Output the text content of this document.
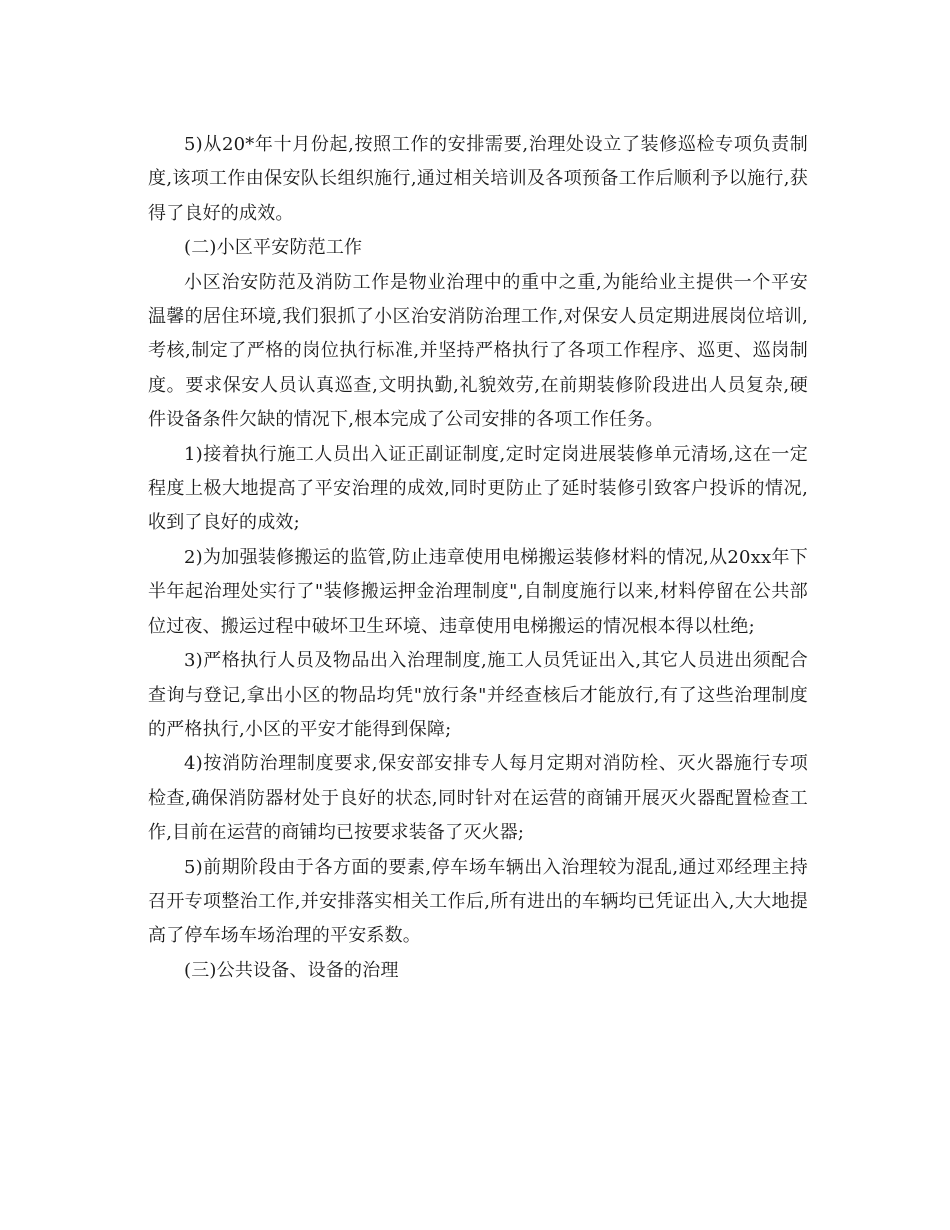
5)从20*年十月份起,按照工作的安排需要,治理处设立了装修巡检专项负责制度,该项工作由保安队长组织施行,通过相关培训及各项预备工作后顺利予以施行,获得了良好的成效。

(二)小区平安防范工作

小区治安防范及消防工作是物业治理中的重中之重,为能给业主提供一个平安温馨的居住环境,我们狠抓了小区治安消防治理工作,对保安人员定期进展岗位培训,考核,制定了严格的岗位执行标准,并坚持严格执行了各项工作程序、巡更、巡岗制度。要求保安人员认真巡查,文明执勤,礼貌效劳,在前期装修阶段进出人员复杂,硬件设备条件欠缺的情况下,根本完成了公司安排的各项工作任务。

1)接着执行施工人员出入证正副证制度,定时定岗进展装修单元清场,这在一定程度上极大地提高了平安治理的成效,同时更防止了延时装修引致客户投诉的情况,收到了良好的成效;

2)为加强装修搬运的监管,防止违章使用电梯搬运装修材料的情况,从20xx年下半年起治理处实行了"装修搬运押金治理制度",自制度施行以来,材料停留在公共部位过夜、搬运过程中破坏卫生环境、违章使用电梯搬运的情况根本得以杜绝;

3)严格执行人员及物品出入治理制度,施工人员凭证出入,其它人员进出须配合查询与登记,拿出小区的物品均凭"放行条"并经查核后才能放行,有了这些治理制度的严格执行,小区的平安才能得到保障;

4)按消防治理制度要求,保安部安排专人每月定期对消防栓、灭火器施行专项检查,确保消防器材处于良好的状态,同时针对在运营的商铺开展灭火器配置检查工作,目前在运营的商铺均已按要求装备了灭火器;

5)前期阶段由于各方面的要素,停车场车辆出入治理较为混乱,通过邓经理主持召开专项整治工作,并安排落实相关工作后,所有进出的车辆均已凭证出入,大大地提高了停车场车场治理的平安系数。

(三)公共设备、设备的治理
